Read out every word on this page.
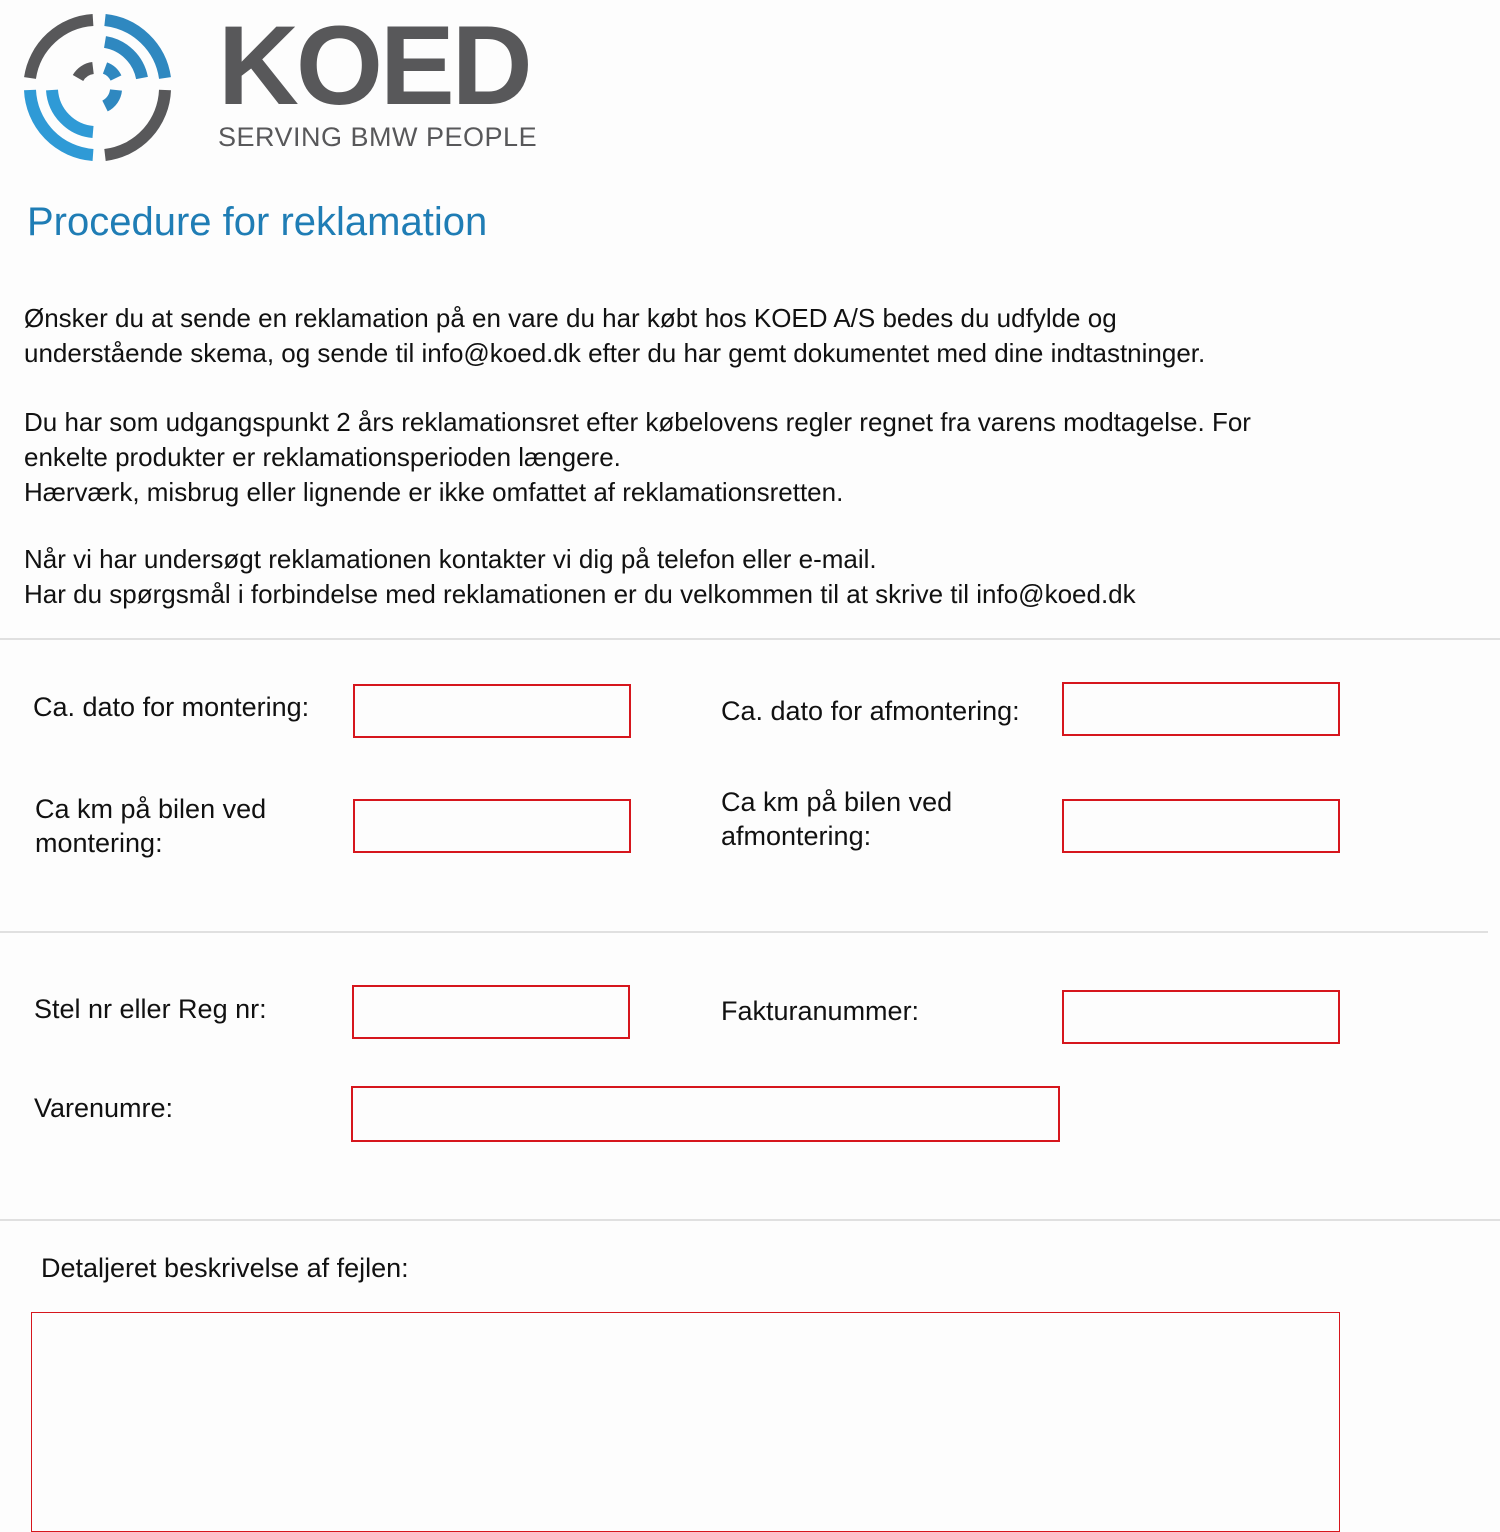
KOED
SERVING BMW PEOPLE
Procedure for reklamation
Ønsker du at sende en reklamation på en vare du har købt hos KOED A/S bedes du udfylde og
understående skema, og sende til info@koed.dk efter du har gemt dokumentet med dine indtastninger.
Du har som udgangspunkt 2 års reklamationsret efter købelovens regler regnet fra varens modtagelse. For
enkelte produkter er reklamationsperioden længere.
Hærværk, misbrug eller lignende er ikke omfattet af reklamationsretten.
Når vi har undersøgt reklamationen kontakter vi dig på telefon eller e-mail.
Har du spørgsmål i forbindelse med reklamationen er du velkommen til at skrive til info@koed.dk
Ca. dato for montering:	Ca. dato for afmontering:
Ca km på bilen ved montering:
Ca km på bilen ved afmontering:
Stel nr eller Reg nr:	Fakturanummer:
Varenumre:
Detaljeret beskrivelse af fejlen:
